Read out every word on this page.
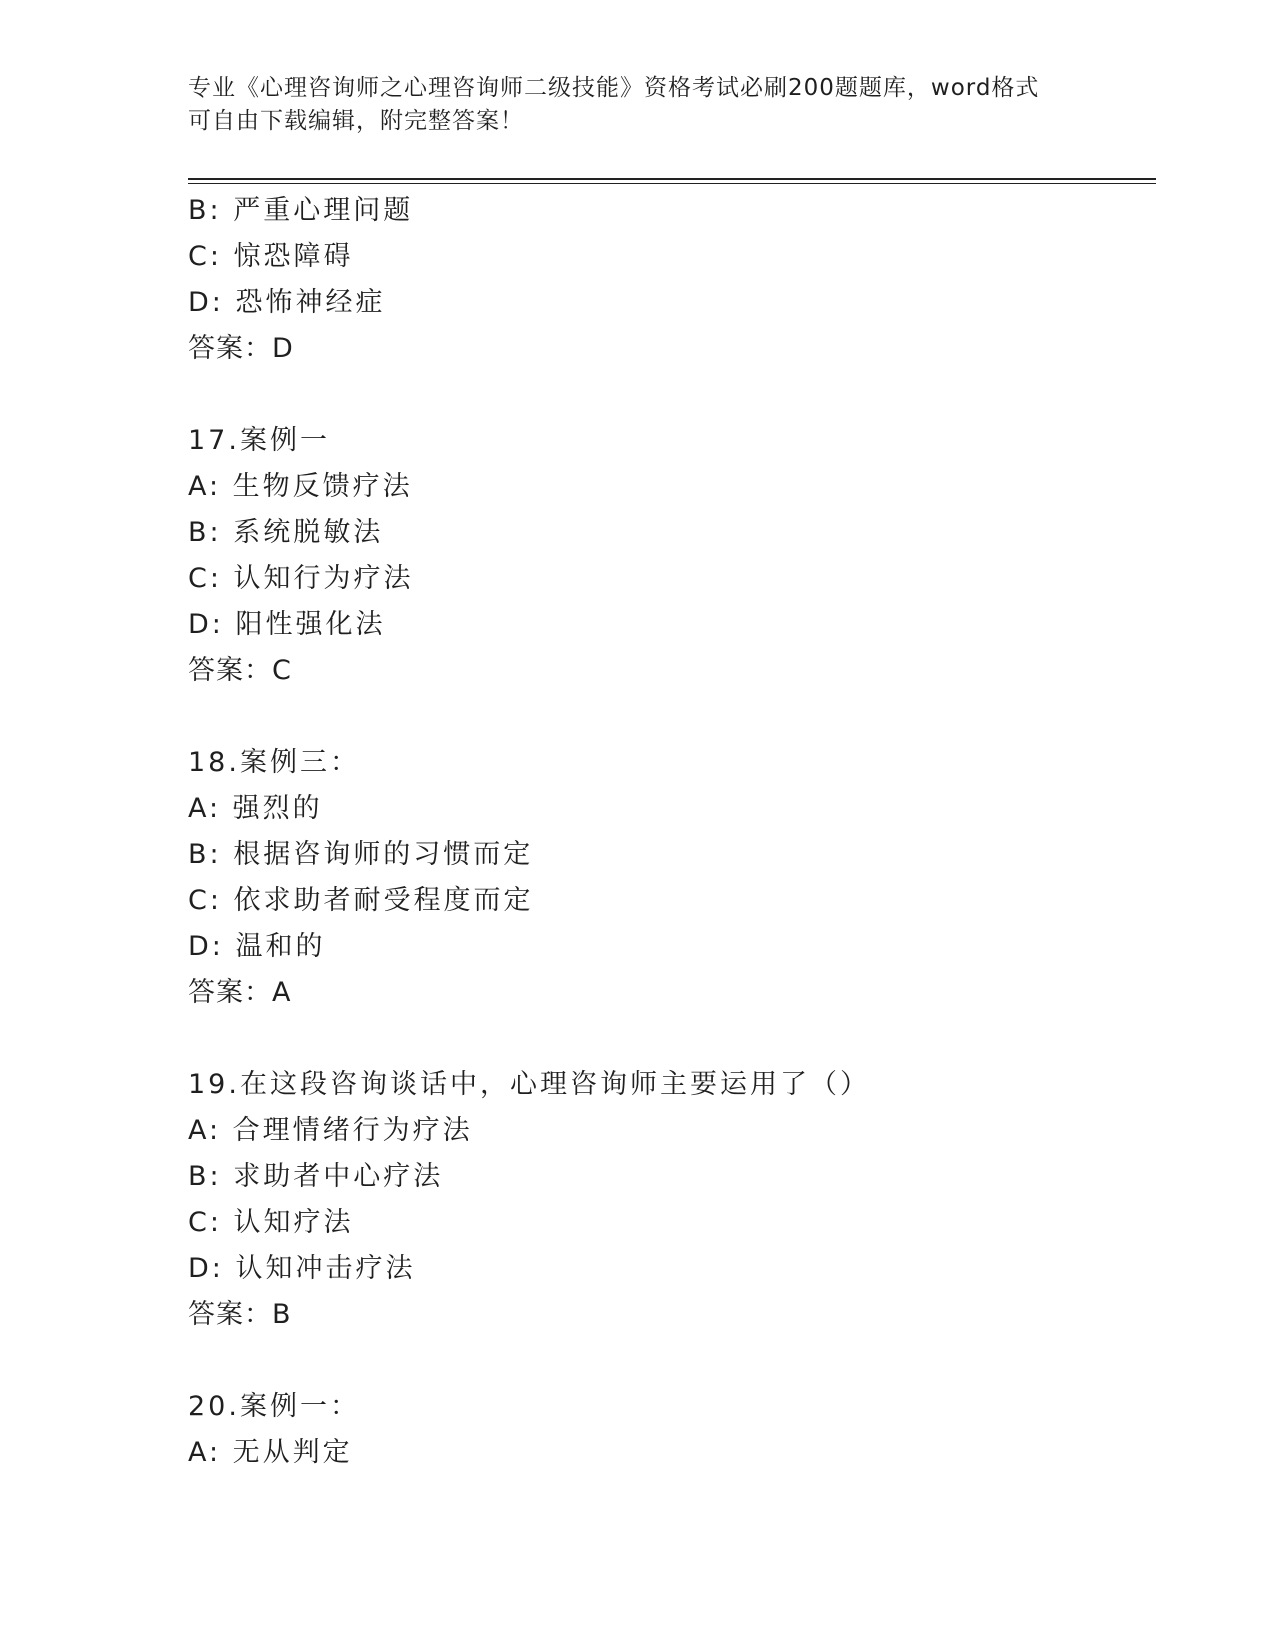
专业《心理咨询师之心理咨询师二级技能》资格考试必刷200题题库，word格式
可自由下载编辑，附完整答案！
B: 严重心理问题
C: 惊恐障碍
D: 恐怖神经症
答案：D
17.案例一
A: 生物反馈疗法
B: 系统脱敏法
C: 认知行为疗法
D: 阳性强化法
答案：C
18.案例三：
A: 强烈的
B: 根据咨询师的习惯而定
C: 依求助者耐受程度而定
D: 温和的
答案：A
19.在这段咨询谈话中，心理咨询师主要运用了（）
A: 合理情绪行为疗法
B: 求助者中心疗法
C: 认知疗法
D: 认知冲击疗法
答案：B
20.案例一：
A: 无从判定
